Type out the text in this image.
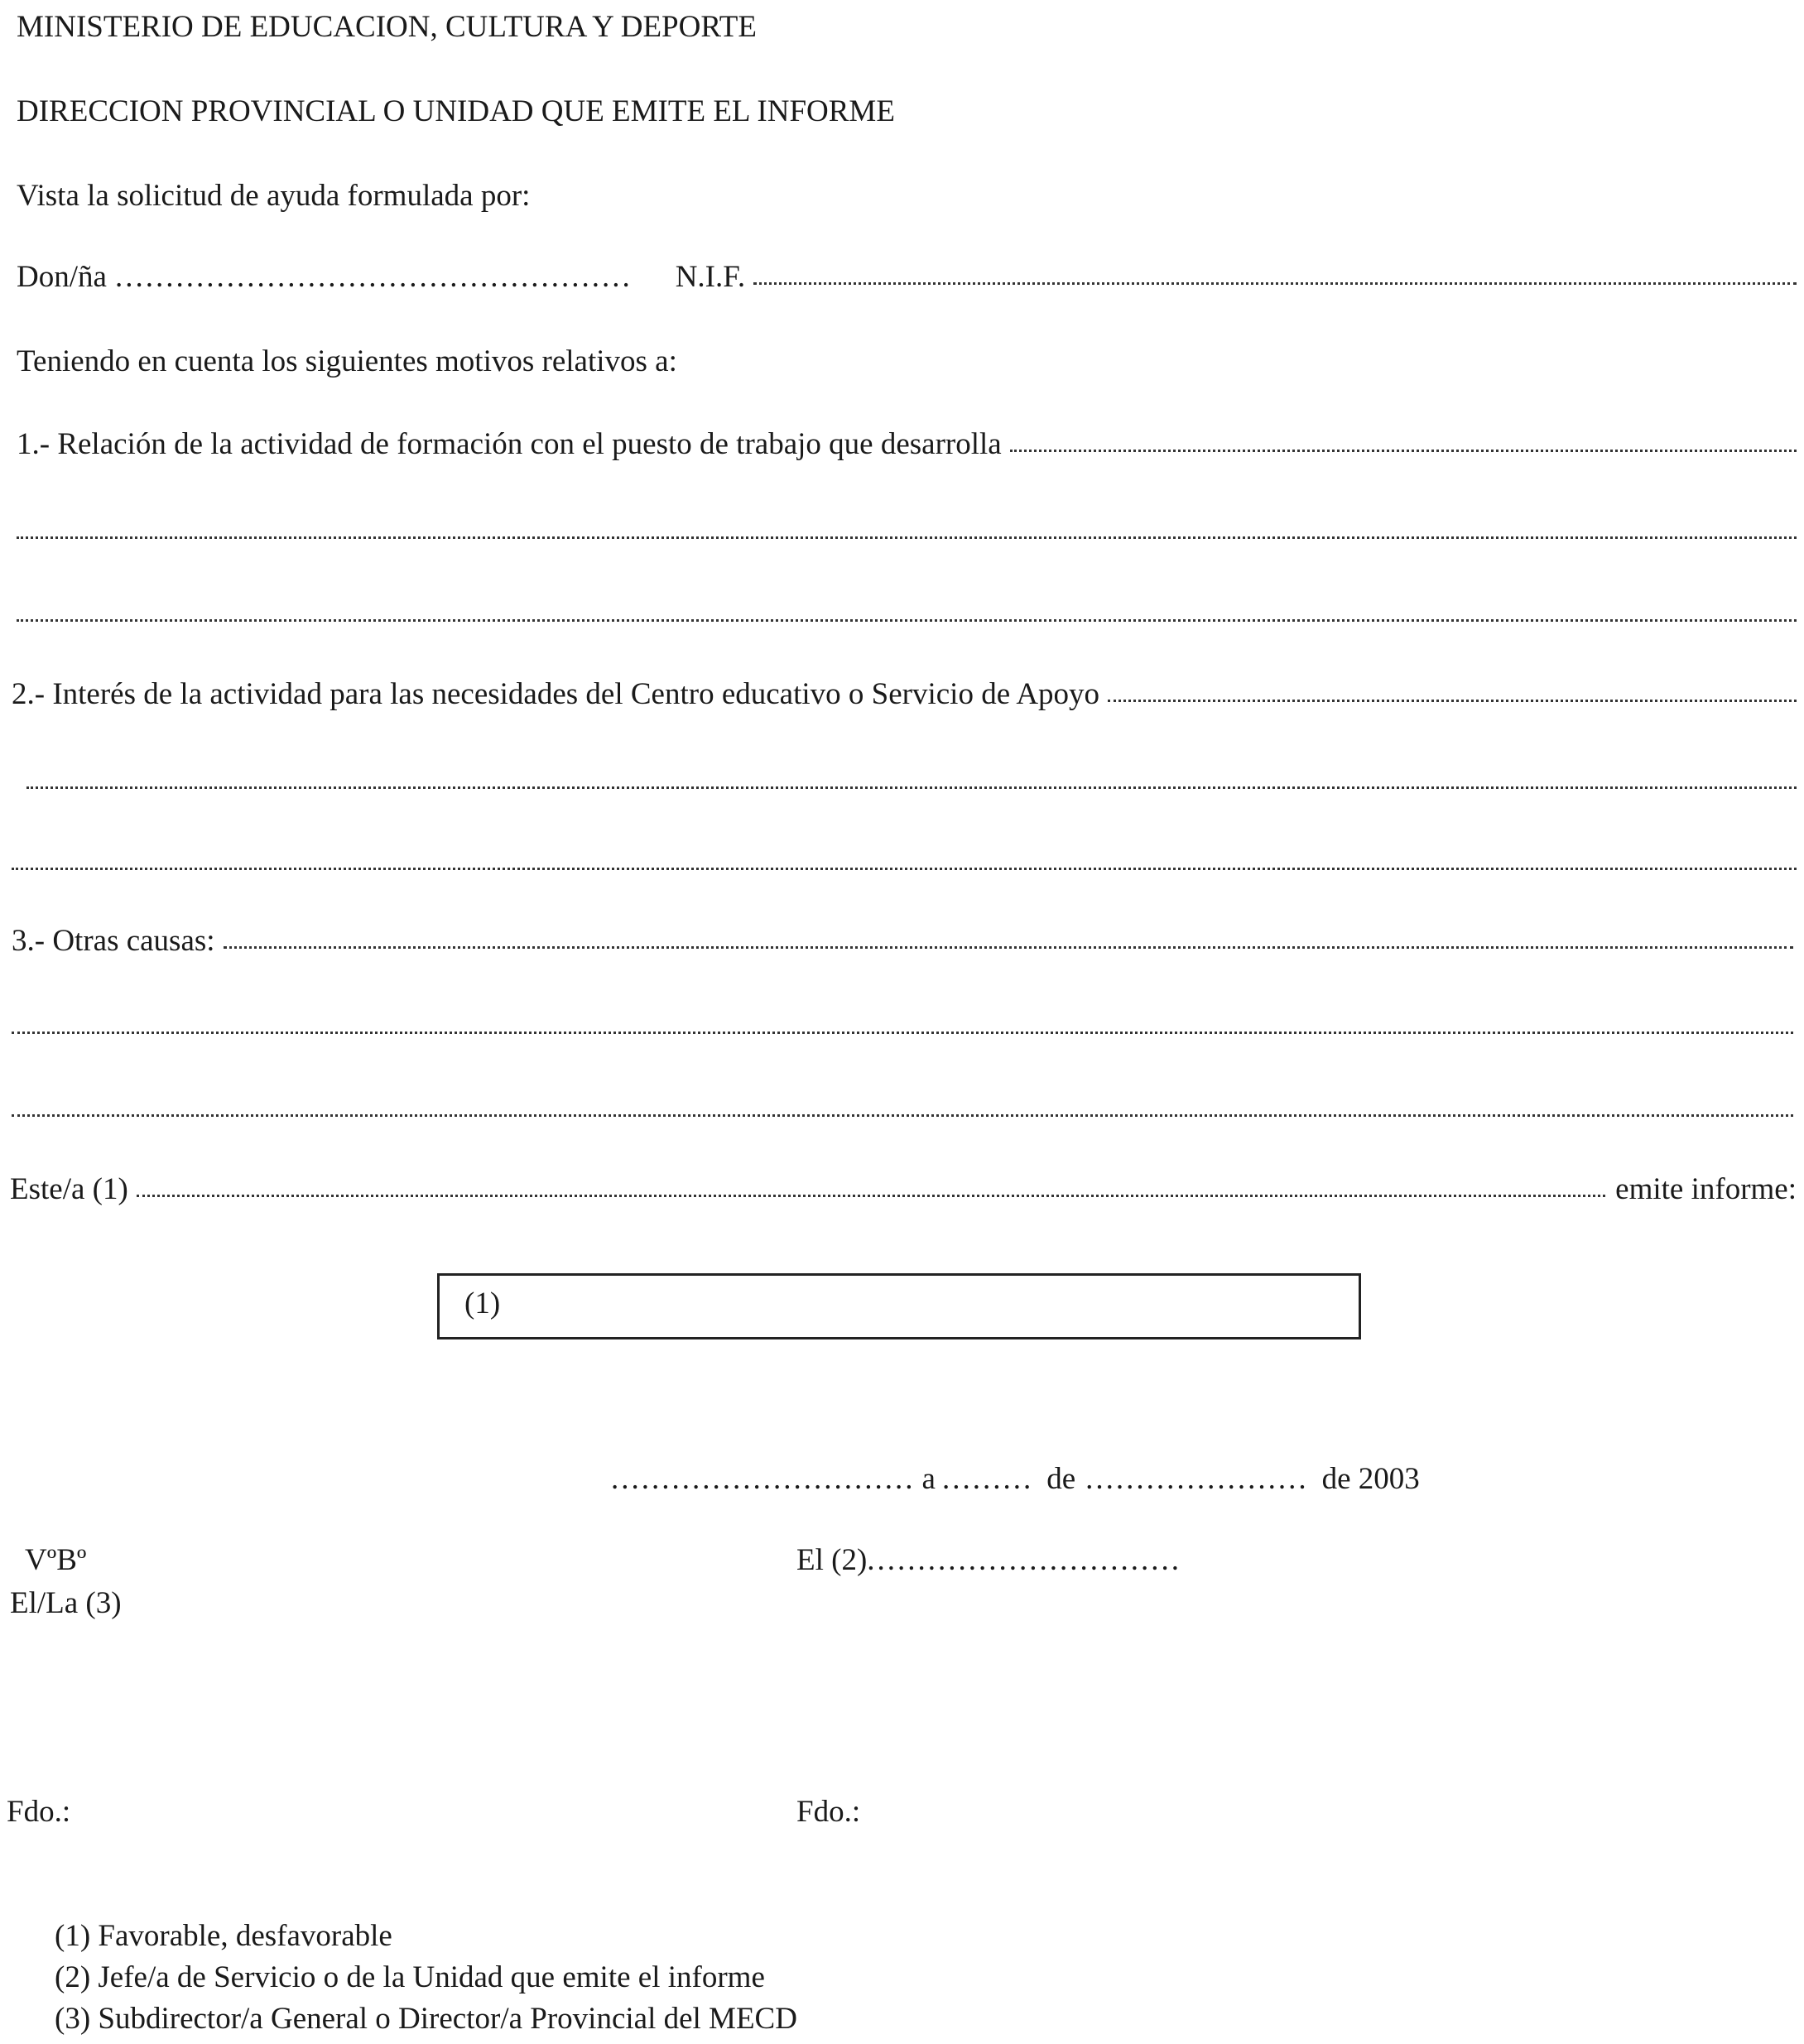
MINISTERIO DE EDUCACION, CULTURA Y DEPORTE
DIRECCION PROVINCIAL O UNIDAD QUE EMITE EL INFORME
Vista la solicitud de ayuda formulada por:
Don/ña ................................................... N.I.F.
Teniendo en cuenta los siguientes motivos relativos a:
1.- Relación de la actividad de formación con el puesto de trabajo que desarrolla
2.- Interés de la actividad para las necesidades del Centro educativo o Servicio de Apoyo
3.- Otras causas:
Este/a (1)	emite informe:
(1)
.............................. a ......... de ...................... de 2003
VºBº
El/La (3)
El (2) ...............................
Fdo.:	Fdo.:
(1) Favorable, desfavorable
(2) Jefe/a de Servicio o de la Unidad que emite el informe
(3) Subdirector/a General o Director/a Provincial del MECD
